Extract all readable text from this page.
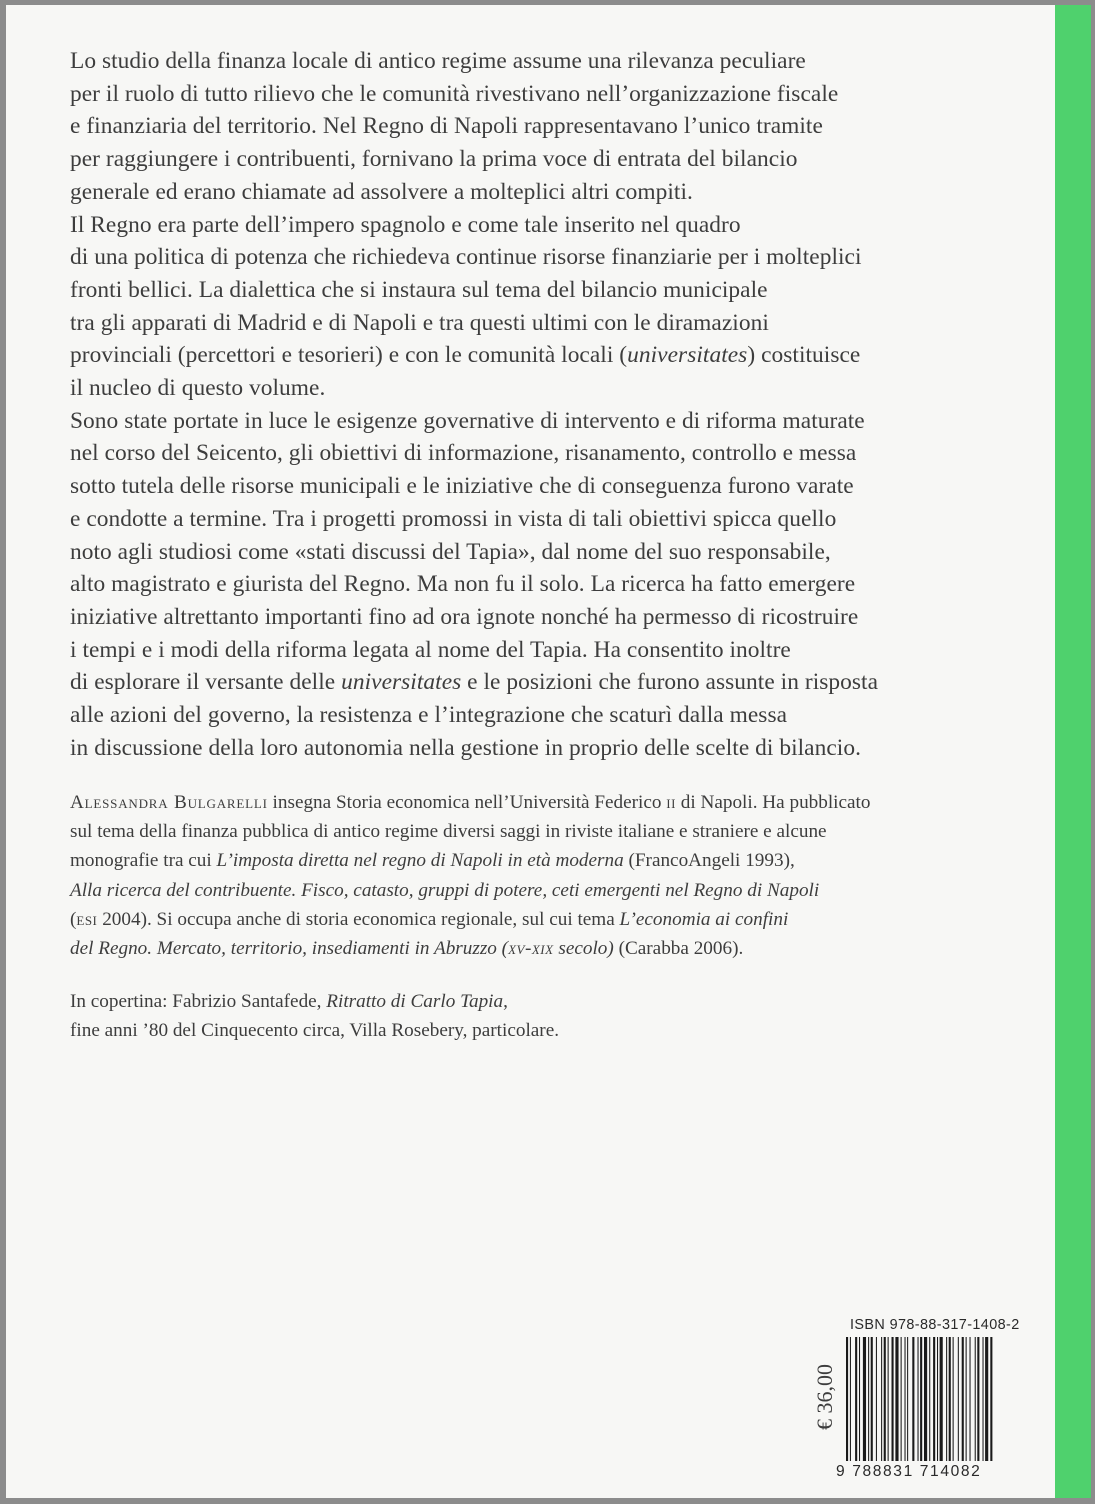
Lo studio della finanza locale di antico regime assume una rilevanza peculiare
per il ruolo di tutto rilievo che le comunità rivestivano nell’organizzazione fiscale
e finanziaria del territorio. Nel Regno di Napoli rappresentavano l’unico tramite
per raggiungere i contribuenti, fornivano la prima voce di entrata del bilancio
generale ed erano chiamate ad assolvere a molteplici altri compiti.
Il Regno era parte dell’impero spagnolo e come tale inserito nel quadro
di una politica di potenza che richiedeva continue risorse finanziarie per i molteplici
fronti bellici. La dialettica che si instaura sul tema del bilancio municipale
tra gli apparati di Madrid e di Napoli e tra questi ultimi con le diramazioni
provinciali (percettori e tesorieri) e con le comunità locali (universitates) costituisce
il nucleo di questo volume.
Sono state portate in luce le esigenze governative di intervento e di riforma maturate
nel corso del Seicento, gli obiettivi di informazione, risanamento, controllo e messa
sotto tutela delle risorse municipali e le iniziative che di conseguenza furono varate
e condotte a termine. Tra i progetti promossi in vista di tali obiettivi spicca quello
noto agli studiosi come «stati discussi del Tapia», dal nome del suo responsabile,
alto magistrato e giurista del Regno. Ma non fu il solo. La ricerca ha fatto emergere
iniziative altrettanto importanti fino ad ora ignote nonché ha permesso di ricostruire
i tempi e i modi della riforma legata al nome del Tapia. Ha consentito inoltre
di esplorare il versante delle universitates e le posizioni che furono assunte in risposta
alle azioni del governo, la resistenza e l’integrazione che scaturì dalla messa
in discussione della loro autonomia nella gestione in proprio delle scelte di bilancio.
Alessandra Bulgarelli insegna Storia economica nell’Università Federico ii di Napoli. Ha pubblicato
sul tema della finanza pubblica di antico regime diversi saggi in riviste italiane e straniere e alcune
monografie tra cui L’imposta diretta nel regno di Napoli in età moderna (FrancoAngeli 1993),
Alla ricerca del contribuente. Fisco, catasto, gruppi di potere, ceti emergenti nel Regno di Napoli
(esi 2004). Si occupa anche di storia economica regionale, sul cui tema L’economia ai confini
del Regno. Mercato, territorio, insediamenti in Abruzzo (xv-xix secolo) (Carabba 2006).
In copertina: Fabrizio Santafede, Ritratto di Carlo Tapia,
fine anni ’80 del Cinquecento circa, Villa Rosebery, particolare.
ISBN 978-88-317-1408-2
€ 36,00
9 788831 714082
